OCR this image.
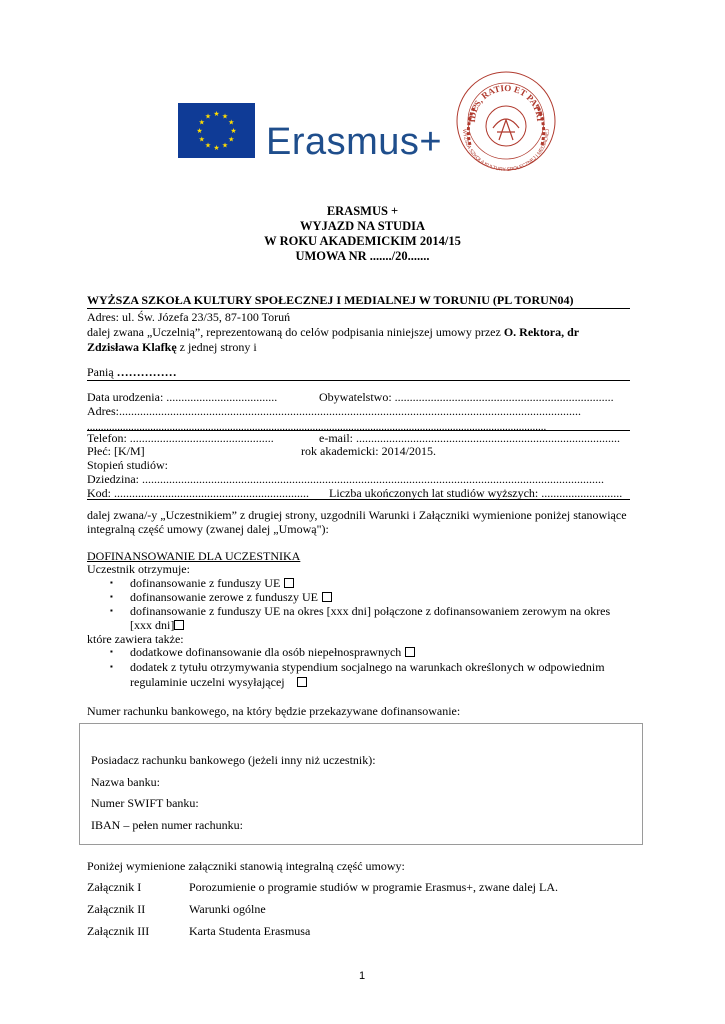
★ ★
★
★
★
★
★
★
★
★
★
★
Erasmus+
IDES, RATIO ET PATRI
WYŻSZA SZKOŁA KULTURY SPOŁECZNEJ I MEDIALNEJ
ERASMUS +
WYJAZD NA STUDIA
W ROKU AKADEMICKIM 2014/15
UMOWA NR ......./20.......
WYŻSZA SZKOŁA KULTURY SPOŁECZNEJ I MEDIALNEJ W TORUNIU (PL TORUN04)
Adres: ul. Św. Józefa 23/35, 87-100 Toruń
dalej zwana „Uczelnią”, reprezentowaną do celów podpisania niniejszej umowy przez O. Rektora, dr
Zdzisława Klafkę z jednej strony i
Panią ……………
Data urodzenia: .....................................	Obywatelstwo: .........................................................................
Adres:..........................................................................................................................................................
.......................................................................................................................................................................
Telefon: ................................................	e-mail: ........................................................................................
Płeć: [K/M]	rok akademicki: 2014/2015.
Stopień studiów:
Dziedzina: ..........................................................................................................................................................
Kod: ................................................................. Liczba ukończonych lat studiów wyższych: ...........................
dalej zwana/-y „Uczestnikiem” z drugiej strony, uzgodnili Warunki i Załączniki wymienione poniżej stanowiące
integralną część umowy (zwanej dalej „Umową"):
DOFINANSOWANIE DLA UCZESTNIKA
Uczestnik otrzymuje:
▪ dofinansowanie z funduszy UE
▪ dofinansowanie zerowe z funduszy UE
▪ dofinansowanie z funduszy UE na okres [xxx dni] połączone z dofinansowaniem zerowym na okres
[xxx dni]
które zawiera także:
▪ dodatkowe dofinansowanie dla osób niepełnosprawnych
▪ dodatek z tytułu otrzymywania stypendium socjalnego na warunkach określonych w odpowiednim
regulaminie uczelni wysyłającej
Numer rachunku bankowego, na który będzie przekazywane dofinansowanie:
Posiadacz rachunku bankowego (jeżeli inny niż uczestnik):
Nazwa banku:
Numer SWIFT banku:
IBAN – pełen numer rachunku:
Poniżej wymienione załączniki stanowią integralną część umowy:
Załącznik I	Porozumienie o programie studiów w programie Erasmus+, zwane dalej LA.
Załącznik II	Warunki ogólne
Załącznik III	Karta Studenta Erasmusa
1
